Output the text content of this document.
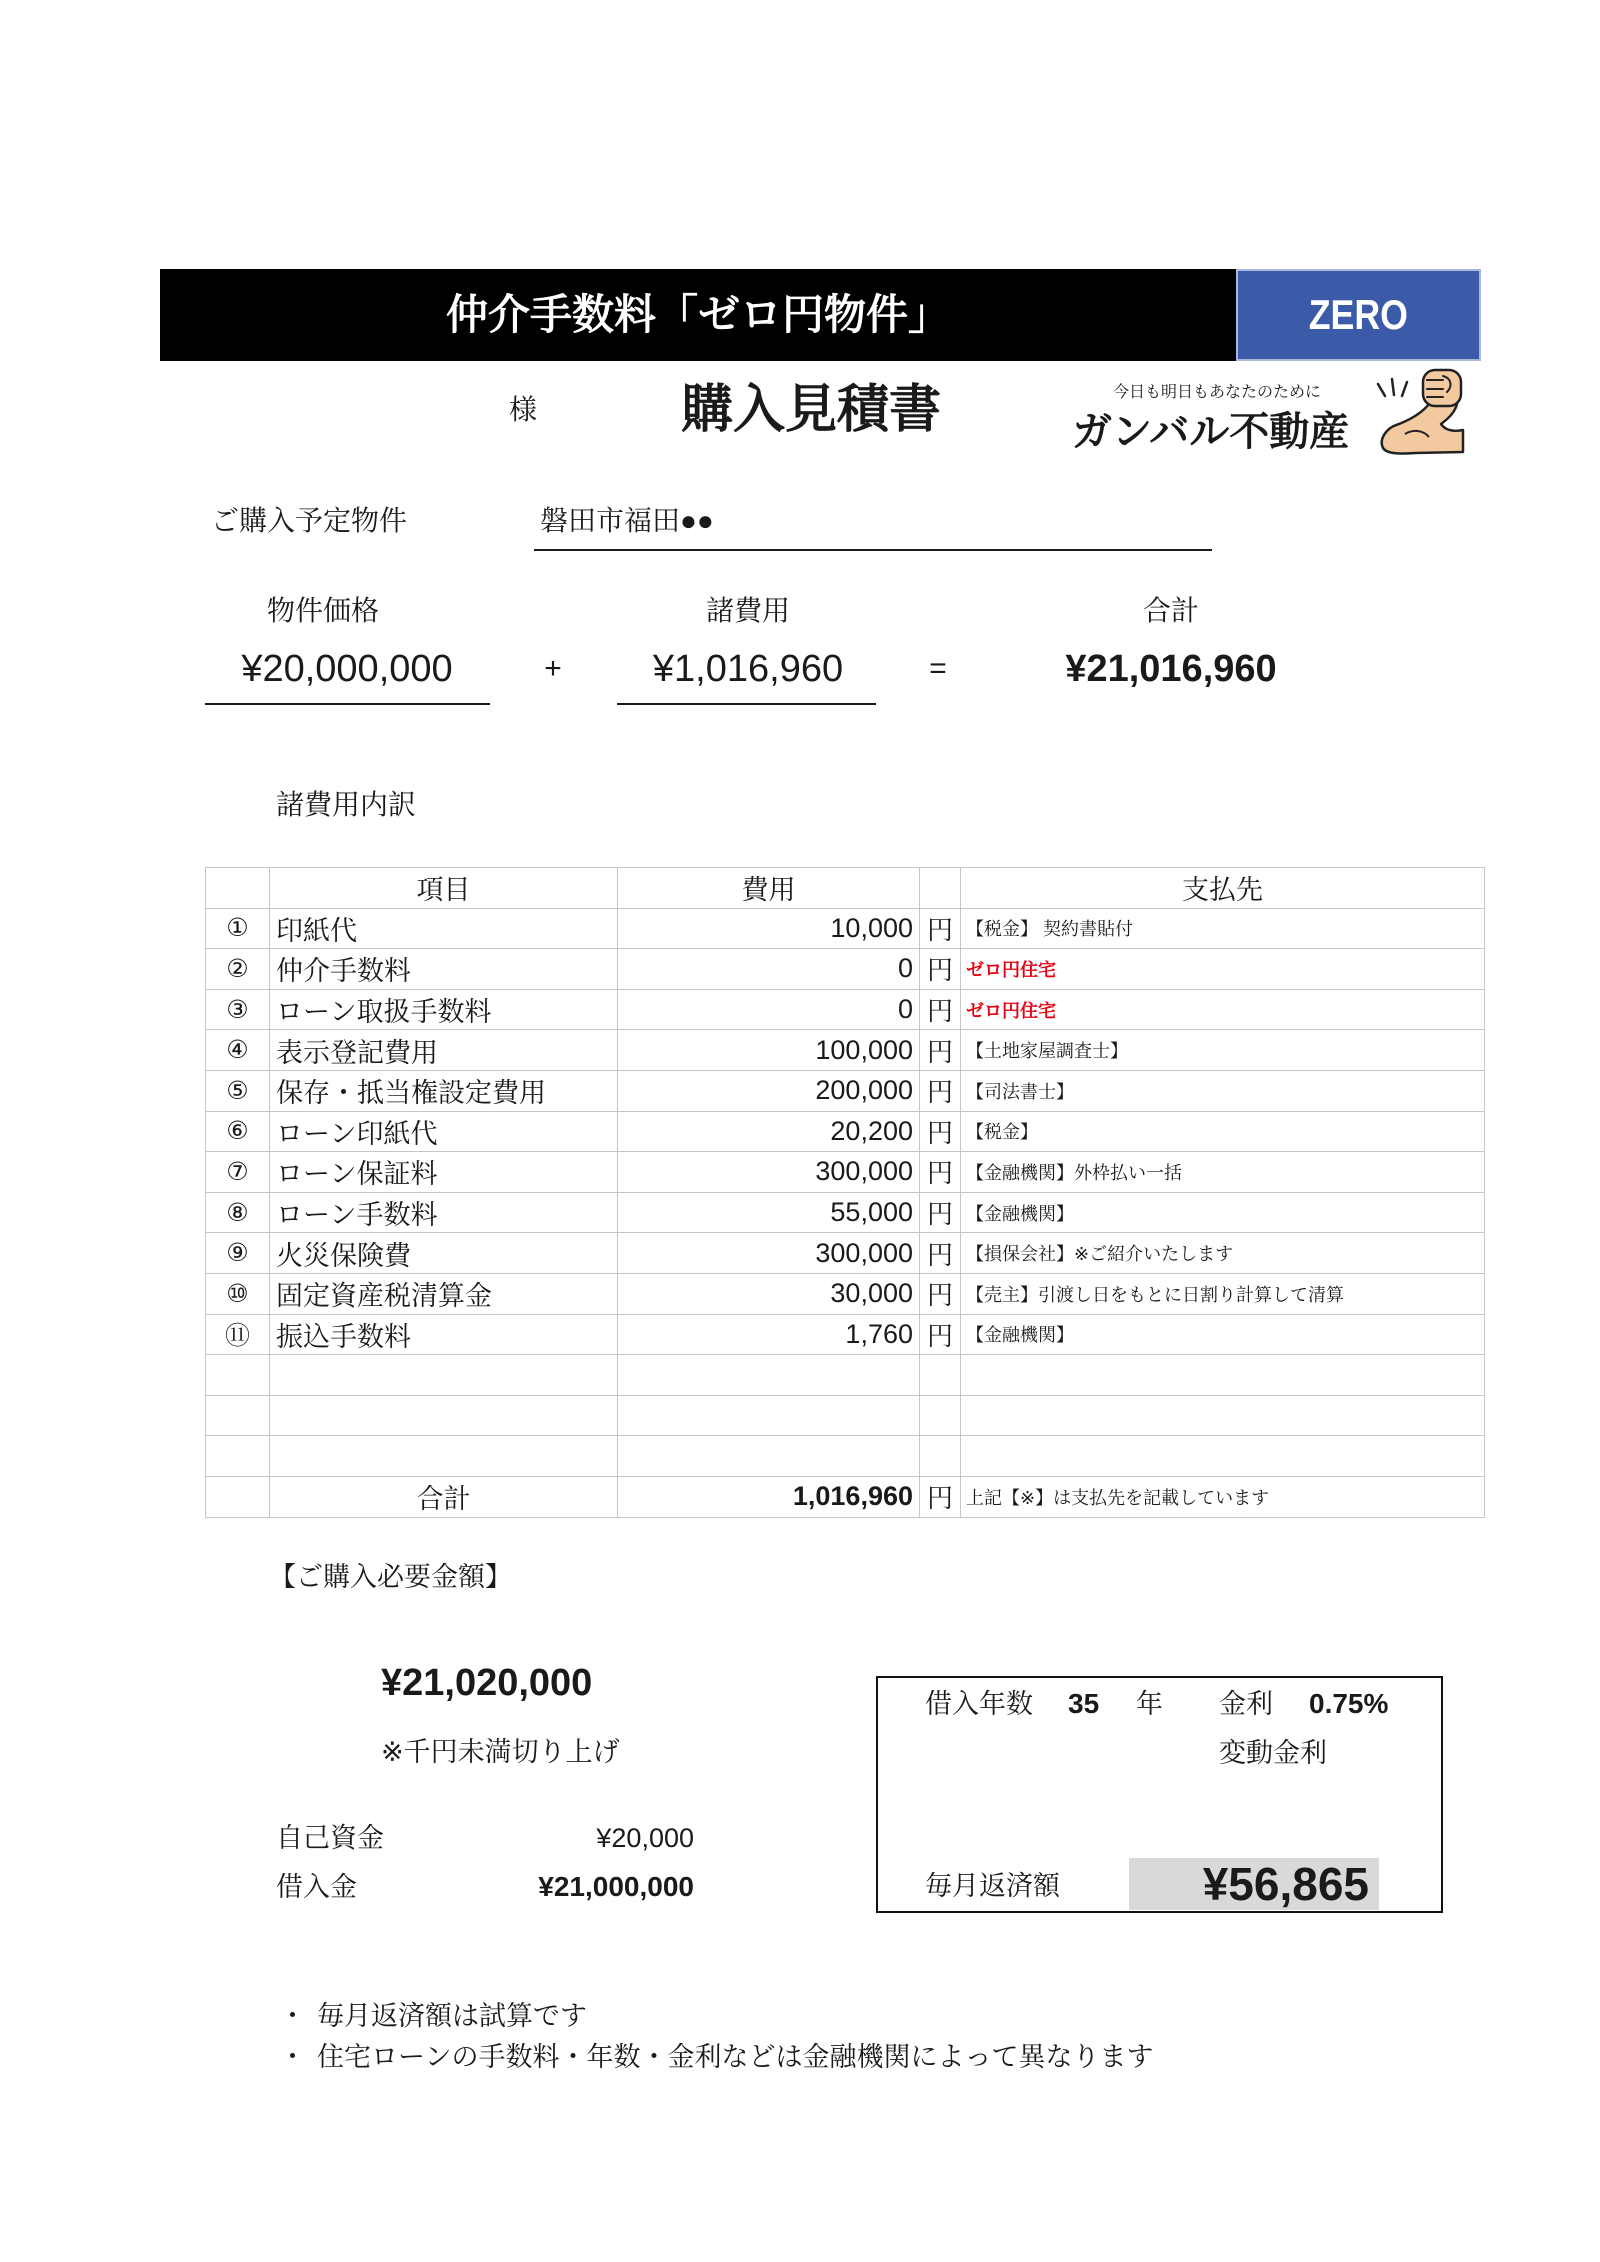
仲介手数料「ゼロ円物件」	ZERO
様	購入見積書	今日も明日もあなたのために
ガンバル不動産
ご購入予定物件	磐田市福田●●
物件価格	諸費用	合計
¥20,000,000	+	¥1,016,960	=	¥21,016,960
諸費用内訳
	項目	費用		支払先
①	印紙代	10,000	円	【税金】 契約書貼付
②	仲介手数料	0	円	ゼロ円住宅
③	ローン取扱手数料	0	円	ゼロ円住宅
④	表示登記費用	100,000	円	【土地家屋調査士】
⑤	保存・抵当権設定費用	200,000	円	【司法書士】
⑥	ローン印紙代	20,200	円	【税金】
⑦	ローン保証料	300,000	円	【金融機関】外枠払い一括
⑧	ローン手数料	55,000	円	【金融機関】
⑨	火災保険費	300,000	円	【損保会社】※ご紹介いたします
⑩	固定資産税清算金	30,000	円	【売主】引渡し日をもとに日割り計算して清算
⑪	振込手数料	1,760	円	【金融機関】

	合計	1,016,960	円	上記【※】は支払先を記載しています
【ご購入必要金額】
¥21,020,000
※千円未満切り上げ
自己資金	¥20,000
借入金	¥21,000,000
借入年数 35 年 金利 0.75%
変動金利
毎月返済額	¥56,865
・ 毎月返済額は試算です
・ 住宅ローンの手数料・年数・金利などは金融機関によって異なります
